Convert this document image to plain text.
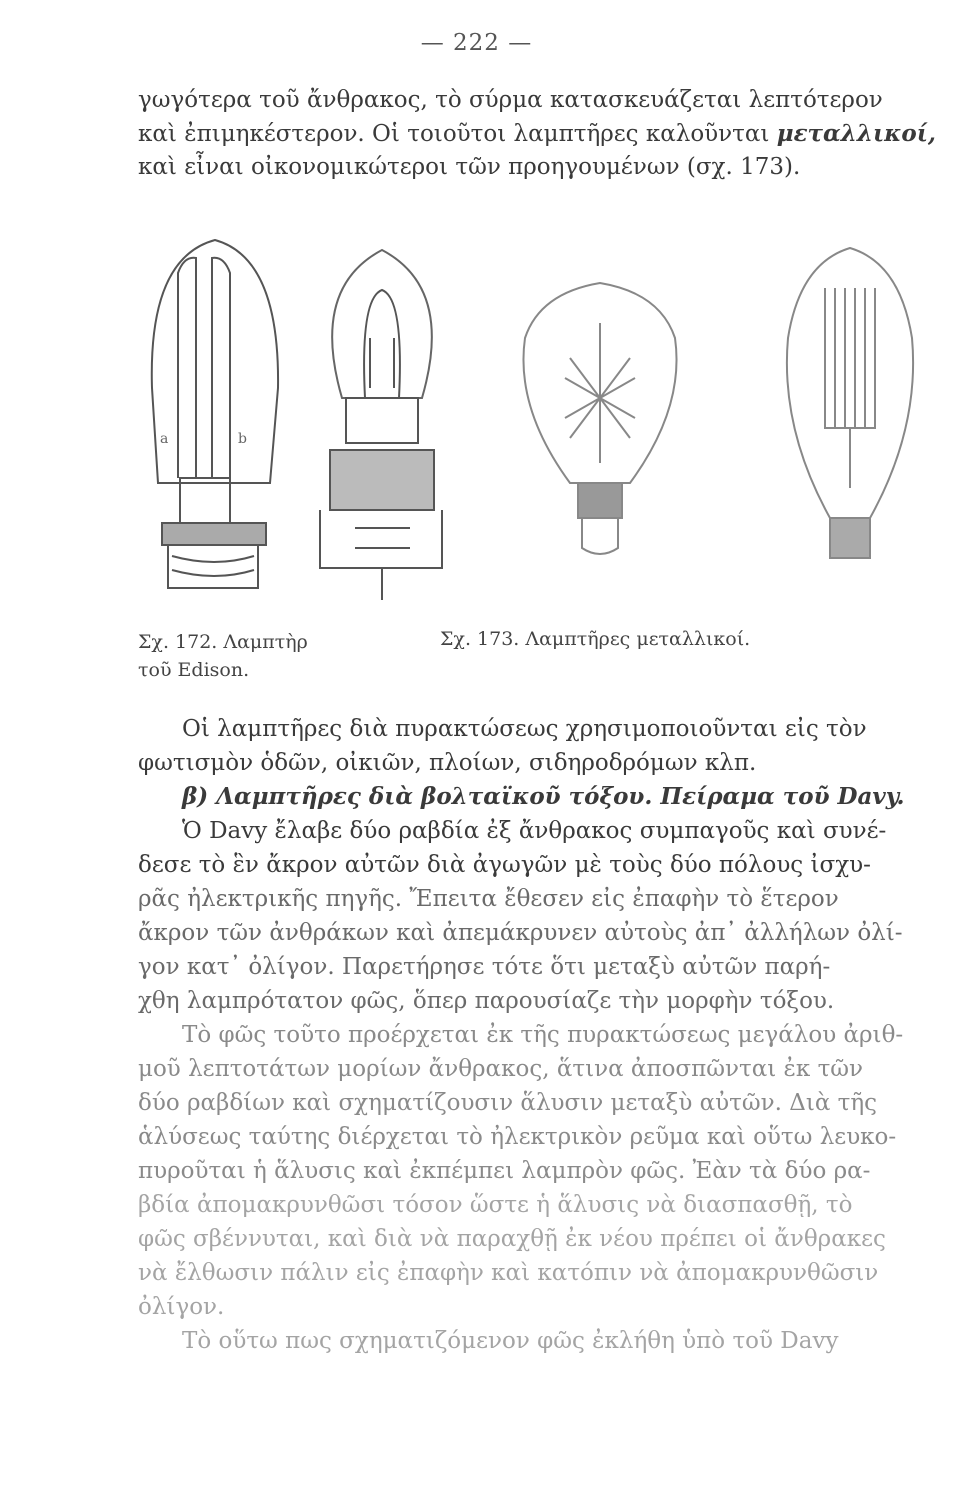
— 222 —
γωγότερα τοῦ ἄνθρακος, τὸ σύρμα κατασκευάζεται λεπτότερον
καὶ ἐπιμηκέστερον. Οἱ τοιοῦτοι λαμπτῆρες καλοῦνται μεταλλικοί,
καὶ εἶναι οἰκονομικώτεροι τῶν προηγουμένων (σχ. 173).
a	b
Σχ. 172. Λαμπτὴρ
τοῦ Edison.
Σχ. 173. Λαμπτῆρες μεταλλικοί.
Οἱ λαμπτῆρες διὰ πυρακτώσεως χρησιμοποιοῦνται εἰς τὸν
φωτισμὸν ὁδῶν, οἰκιῶν, πλοίων, σιδηροδρόμων κλπ.
β) Λαμπτῆρες διὰ βολταϊκοῦ τόξου. Πείραμα τοῦ Davy.
Ὁ Davy ἔλαβε δύο ραβδία ἐξ ἄνθρακος συμπαγοῦς καὶ συνέ-
δεσε τὸ ἓν ἄκρον αὐτῶν διὰ ἀγωγῶν μὲ τοὺς δύο πόλους ἰσχυ-
ρᾶς ἠλεκτρικῆς πηγῆς. Ἔπειτα ἔθεσεν εἰς ἐπαφὴν τὸ ἕτερον
ἄκρον τῶν ἀνθράκων καὶ ἀπεμάκρυνεν αὐτοὺς ἀπ᾿ ἀλλήλων ὀλί-
γον κατ᾿ ὀλίγον. Παρετήρησε τότε ὅτι μεταξὺ αὐτῶν παρή-
χθη λαμπρότατον φῶς, ὅπερ παρουσίαζε τὴν μορφὴν τόξου.
Τὸ φῶς τοῦτο προέρχεται ἐκ τῆς πυρακτώσεως μεγάλου ἀριθ-
μοῦ λεπτοτάτων μορίων ἄνθρακος, ἅτινα ἀποσπῶνται ἐκ τῶν
δύο ραβδίων καὶ σχηματίζουσιν ἅλυσιν μεταξὺ αὐτῶν. Διὰ τῆς
ἁλύσεως ταύτης διέρχεται τὸ ἠλεκτρικὸν ρεῦμα καὶ οὕτω λευκο-
πυροῦται ἡ ἅλυσις καὶ ἐκπέμπει λαμπρὸν φῶς. Ἐὰν τὰ δύο ρα-
βδία ἀπομακρυνθῶσι τόσον ὥστε ἡ ἅλυσις νὰ διασπασθῇ, τὸ
φῶς σβέννυται, καὶ διὰ νὰ παραχθῇ ἐκ νέου πρέπει οἱ ἄνθρακες
νὰ ἔλθωσιν πάλιν εἰς ἐπαφὴν καὶ κατόπιν νὰ ἀπομακρυνθῶσιν
ὀλίγον.
Τὸ οὕτω πως σχηματιζόμενον φῶς ἐκλήθη ὑπὸ τοῦ Davy
